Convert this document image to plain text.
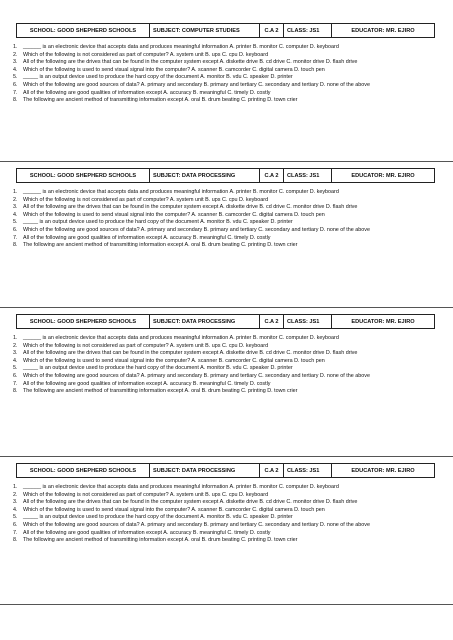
SCHOOL: GOOD SHEPHERD SCHOOLS	SUBJECT: COMPUTER STUDIES	C.A 2	CLASS: JS1	EDUCATOR: MR. EJIRO
1. ______ is an electronic device that accepts data and produces meaningful information A. printer B. monitor C. computer D. keyboard
2. Which of the following is not considered as part of computer? A. system unit B. ups C. cpu D. keyboard
3. All of the following are the drives that can be found in the computer system except A. diskette drive B. cd drive C. monitor drive D. flash drive
4. Which of the following is used to send visual signal into the computer? A. scanner B. camcorder C. digital camera D. touch pen
5. _____ is an output device used to produce the hard copy of the document A. monitor B. vdu C. speaker D. printer
6. Which of the following are good sources of data? A. primary and secondary B. primary and tertiary C. secondary and tertiary D. none of the above
7. All of the following are good qualities of information except A. accuracy B. meaningful C. timely D. costly
8. The following are ancient method of transmitting information except A. oral B. drum beating C. printing D. town crier
SCHOOL: GOOD SHEPHERD SCHOOLS	SUBJECT: DATA PROCESSING	C.A 2	CLASS: JS1	EDUCATOR: MR. EJIRO
1. ______ is an electronic device that accepts data and produces meaningful information A. printer B. monitor C. computer D. keyboard
2. Which of the following is not considered as part of computer? A. system unit B. ups C. cpu D. keyboard
3. All of the following are the drives that can be found in the computer system except A. diskette drive B. cd drive C. monitor drive D. flash drive
4. Which of the following is used to send visual signal into the computer? A. scanner B. camcorder C. digital camera D. touch pen
5. _____ is an output device used to produce the hard copy of the document A. monitor B. vdu C. speaker D. printer
6. Which of the following are good sources of data? A. primary and secondary B. primary and tertiary C. secondary and tertiary D. none of the above
7. All of the following are good qualities of information except A. accuracy B. meaningful C. timely D. costly
8. The following are ancient method of transmitting information except A. oral B. drum beating C. printing D. town crier
SCHOOL: GOOD SHEPHERD SCHOOLS	SUBJECT: DATA PROCESSING	C.A 2	CLASS: JS1	EDUCATOR: MR. EJIRO
1. ______ is an electronic device that accepts data and produces meaningful information A. printer B. monitor C. computer D. keyboard
2. Which of the following is not considered as part of computer? A. system unit B. ups C. cpu D. keyboard
3. All of the following are the drives that can be found in the computer system except A. diskette drive B. cd drive C. monitor drive D. flash drive
4. Which of the following is used to send visual signal into the computer? A. scanner B. camcorder C. digital camera D. touch pen
5. _____ is an output device used to produce the hard copy of the document A. monitor B. vdu C. speaker D. printer
6. Which of the following are good sources of data? A. primary and secondary B. primary and tertiary C. secondary and tertiary D. none of the above
7. All of the following are good qualities of information except A. accuracy B. meaningful C. timely D. costly
8. The following are ancient method of transmitting information except A. oral B. drum beating C. printing D. town crier
SCHOOL: GOOD SHEPHERD SCHOOLS	SUBJECT: DATA PROCESSING	C.A 2	CLASS: JS1	EDUCATOR: MR. EJIRO
1. ______ is an electronic device that accepts data and produces meaningful information A. printer B. monitor C. computer D. keyboard
2. Which of the following is not considered as part of computer? A. system unit B. ups C. cpu D. keyboard
3. All of the following are the drives that can be found in the computer system except A. diskette drive B. cd drive C. monitor drive D. flash drive
4. Which of the following is used to send visual signal into the computer? A. scanner B. camcorder C. digital camera D. touch pen
5. _____ is an output device used to produce the hard copy of the document A. monitor B. vdu C. speaker D. printer
6. Which of the following are good sources of data? A. primary and secondary B. primary and tertiary C. secondary and tertiary D. none of the above
7. All of the following are good qualities of information except A. accuracy B. meaningful C. timely D. costly
8. The following are ancient method of transmitting information except A. oral B. drum beating C. printing D. town crier
